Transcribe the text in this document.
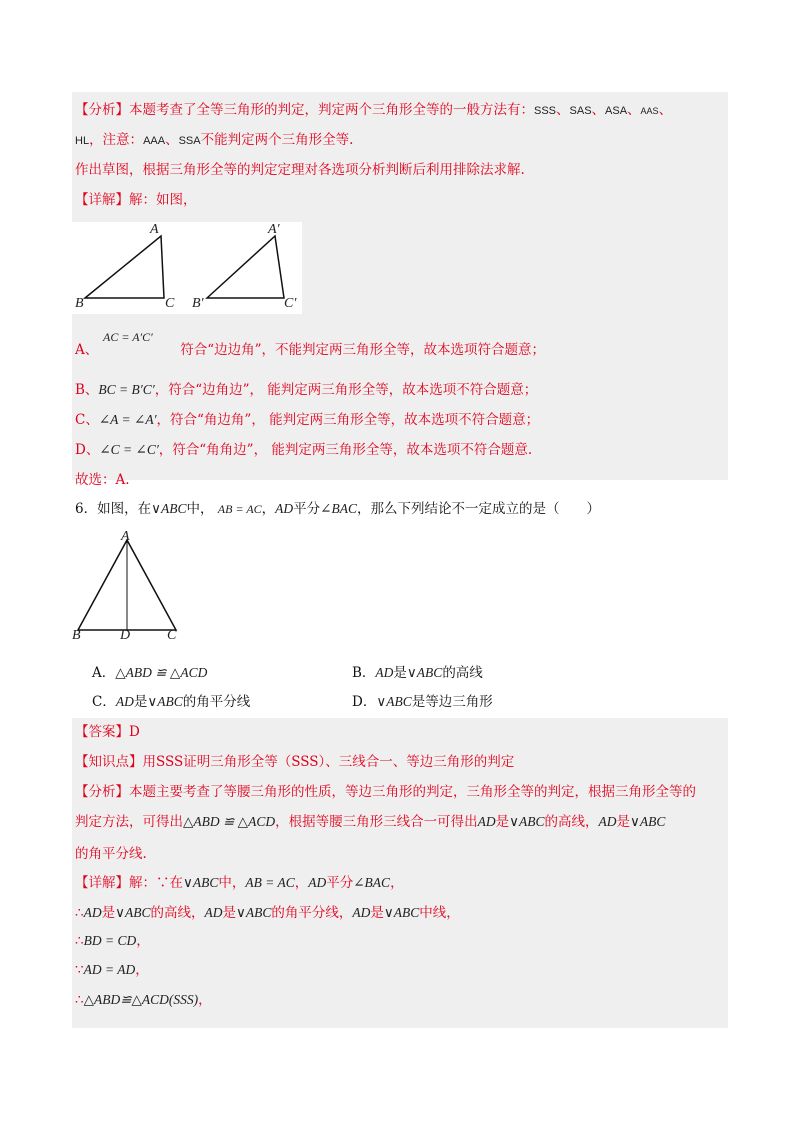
【分析】本题考查了全等三角形的判定，判定两个三角形全等的一般方法有：SSS、SAS、ASA、AAS、
HL，注意：AAA、SSA不能判定两个三角形全等.
作出草图，根据三角形全等的判定定理对各选项分析判断后利用排除法求解.
【详解】解：如图，
A
B	C
A′
B′	C′
AC = A′C′
A、	符合“边边角”，不能判定两三角形全等，故本选项符合题意；
B、BC = B′C′，符合“边角边”， 能判定两三角形全等，故本选项不符合题意；
C、∠A = ∠A′，符合“角边角”， 能判定两三角形全等，故本选项不符合题意；
D、∠C = ∠C′，符合“角角边”， 能判定两三角形全等，故本选项不符合题意.
故选：A.
6．如图，在∨ABC中， AB = AC，AD平分∠BAC，那么下列结论不一定成立的是（　　）
A
B	D	C
A．△ABD ≌ △ACD	B．AD是∨ABC的高线
C．AD是∨ABC的角平分线	D．∨ABC是等边三角形
【答案】D
【知识点】用SSS证明三角形全等（SSS）、三线合一、等边三角形的判定
【分析】本题主要考查了等腰三角形的性质，等边三角形的判定，三角形全等的判定，根据三角形全等的
判定方法，可得出△ABD ≌ △ACD，根据等腰三角形三线合一可得出AD是∨ABC的高线，AD是∨ABC
的角平分线.
【详解】解：∵在∨ABC中，AB = AC，AD平分∠BAC，
∴AD是∨ABC的高线，AD是∨ABC的角平分线，AD是∨ABC中线，
∴BD = CD，
∵AD = AD，
∴△ABD≌△ACD(SSS)，
